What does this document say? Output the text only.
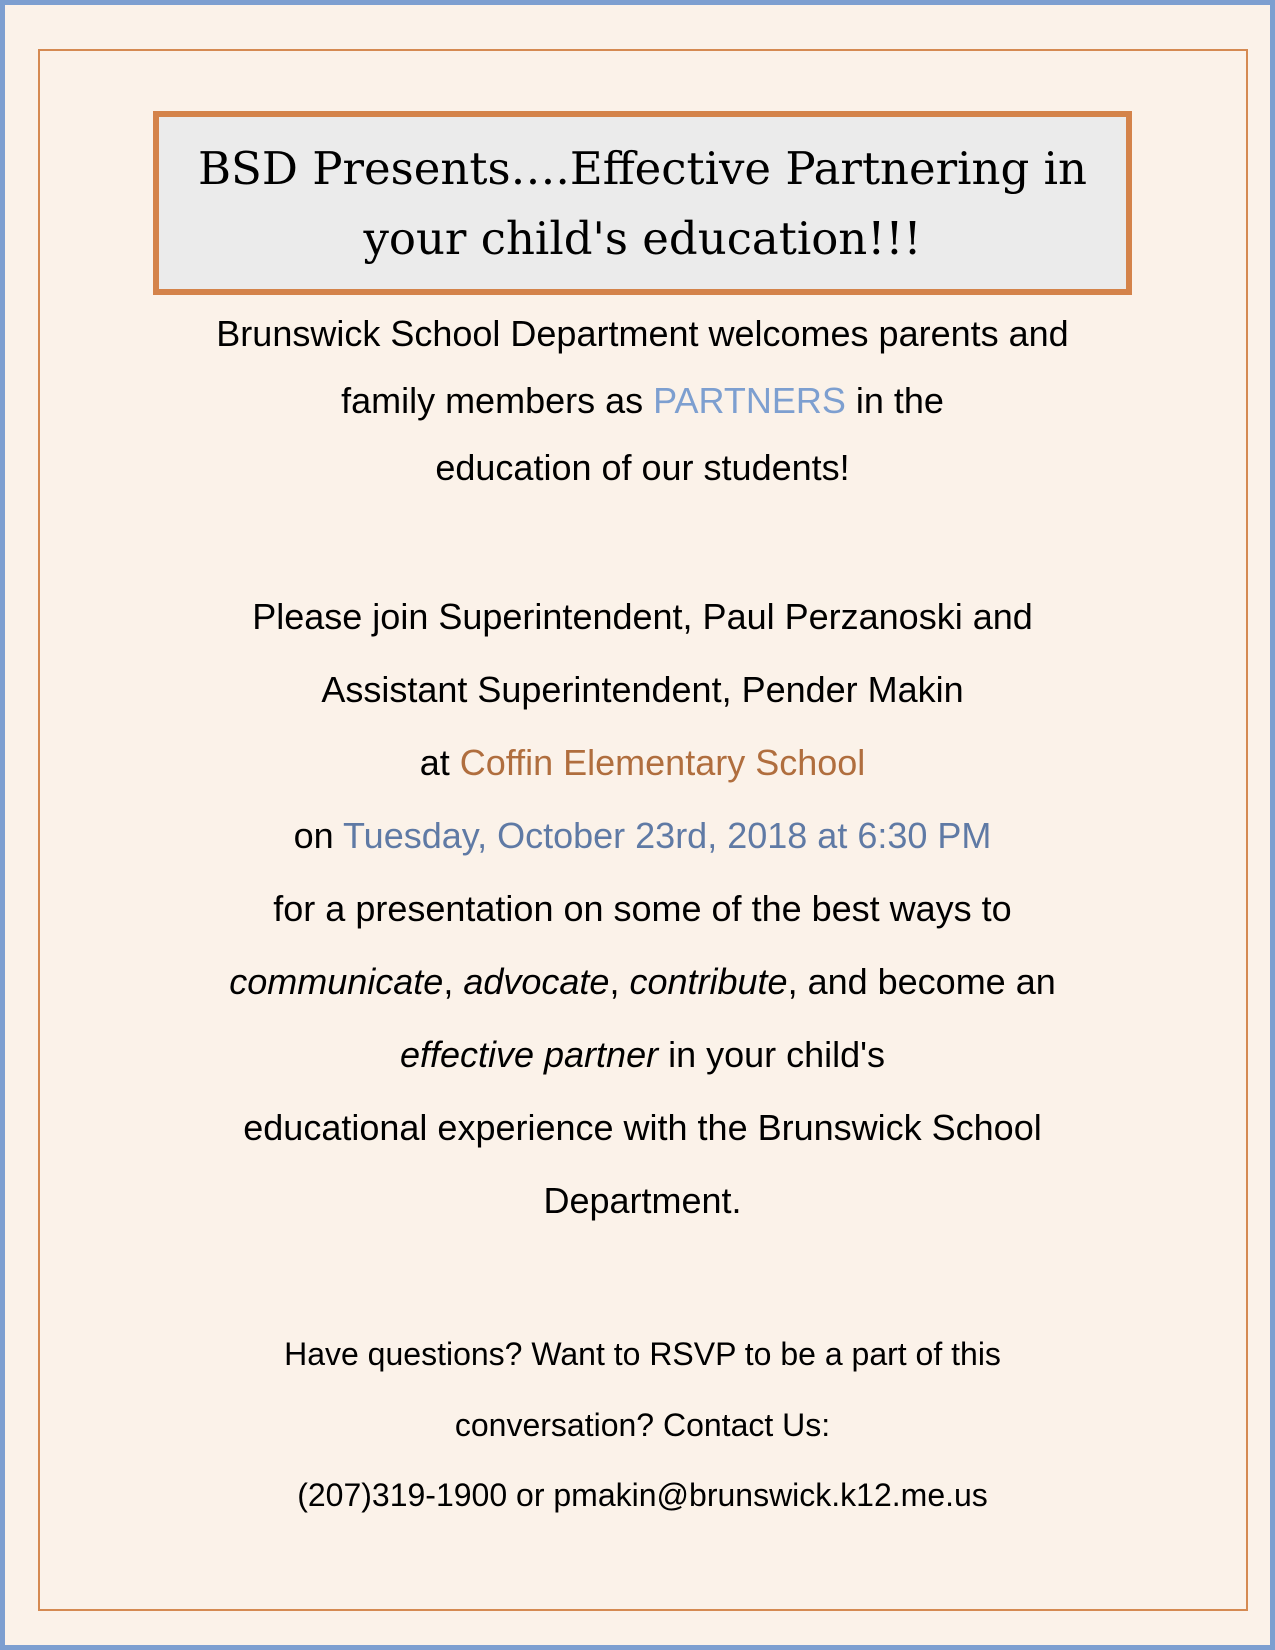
BSD Presents….Effective Partnering in
your child's education!!!
Brunswick School Department welcomes parents and
family members as PARTNERS in the
education of our students!
Please join Superintendent, Paul Perzanoski and
Assistant Superintendent, Pender Makin
at Coffin Elementary School
on Tuesday, October 23rd, 2018 at 6:30 PM
for a presentation on some of the best ways to
communicate, advocate, contribute, and become an
effective partner in your child's
educational experience with the Brunswick School
Department.
Have questions? Want to RSVP to be a part of this
conversation? Contact Us:
(207)319-1900 or pmakin@brunswick.k12.me.us
